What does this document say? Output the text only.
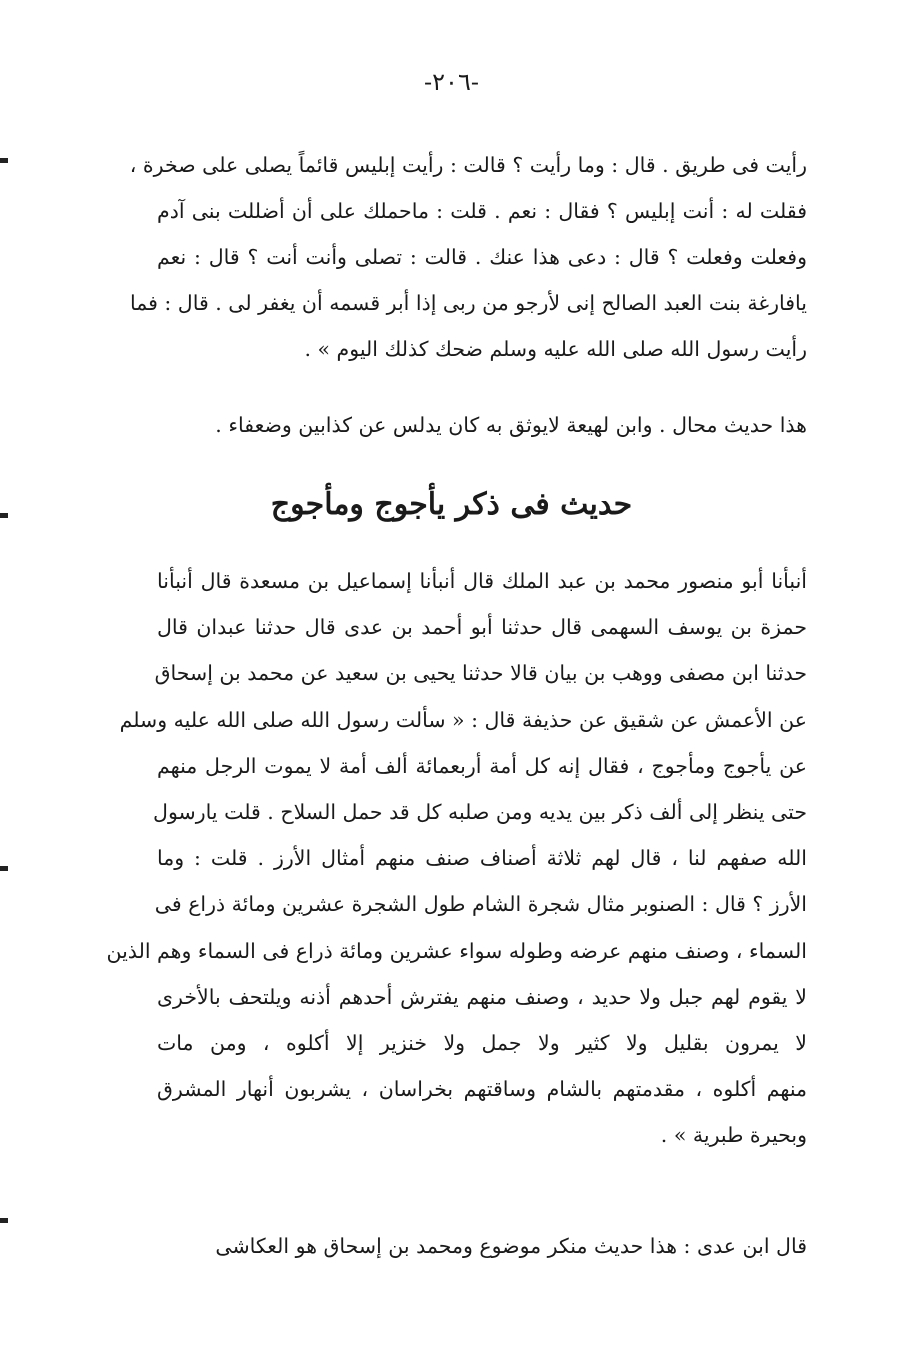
-٢٠٦-
رأيت فى طريق . قال : وما رأيت ؟ قالت : رأيت إبليس قائماً يصلى على صخرة ،
فقلت له : أنت إبليس ؟ فقال : نعم . قلت : ماحملك على أن أضللت بنى آدم
وفعلت وفعلت ؟ قال : دعى هذا عنك . قالت : تصلى وأنت أنت ؟ قال : نعم
يافارغة بنت العبد الصالح إنى لأرجو من ربى إذا أبر قسمه أن يغفر لى . قال : فما
رأيت رسول الله صلى الله عليه وسلم ضحك كذلك اليوم » .
هذا حديث محال . وابن لهيعة لايوثق به كان يدلس عن كذابين وضعفاء .
حديث فى ذكر يأجوج ومأجوج
أنبأنا أبو منصور محمد بن عبد الملك قال أنبأنا إسماعيل بن مسعدة قال أنبأنا
حمزة بن يوسف السهمى قال حدثنا أبو أحمد بن عدى قال حدثنا عبدان قال
حدثنا ابن مصفى ووهب بن بيان قالا حدثنا يحيى بن سعيد عن محمد بن إسحاق
عن الأعمش عن شقيق عن حذيفة قال : « سألت رسول الله صلى الله عليه وسلم
عن يأجوج ومأجوج ، فقال إنه كل أمة أربعمائة ألف أمة لا يموت الرجل منهم
حتى ينظر إلى ألف ذكر بين يديه ومن صلبه كل قد حمل السلاح . قلت يارسول
الله صفهم لنا ، قال لهم ثلاثة أصناف صنف منهم أمثال الأرز . قلت : وما
الأرز ؟ قال : الصنوبر مثال شجرة الشام طول الشجرة عشرين ومائة ذراع فى
السماء ، وصنف منهم عرضه وطوله سواء عشرين ومائة ذراع فى السماء وهم الذين
لا يقوم لهم جبل ولا حديد ، وصنف منهم يفترش أحدهم أذنه ويلتحف بالأخرى
لا يمرون بقليل ولا كثير ولا جمل ولا خنزير إلا أكلوه ، ومن مات
منهم أكلوه ، مقدمتهم بالشام وساقتهم بخراسان ، يشربون أنهار المشرق
وبحيرة طبرية » .
قال ابن عدى : هذا حديث منكر موضوع ومحمد بن إسحاق هو العكاشى
